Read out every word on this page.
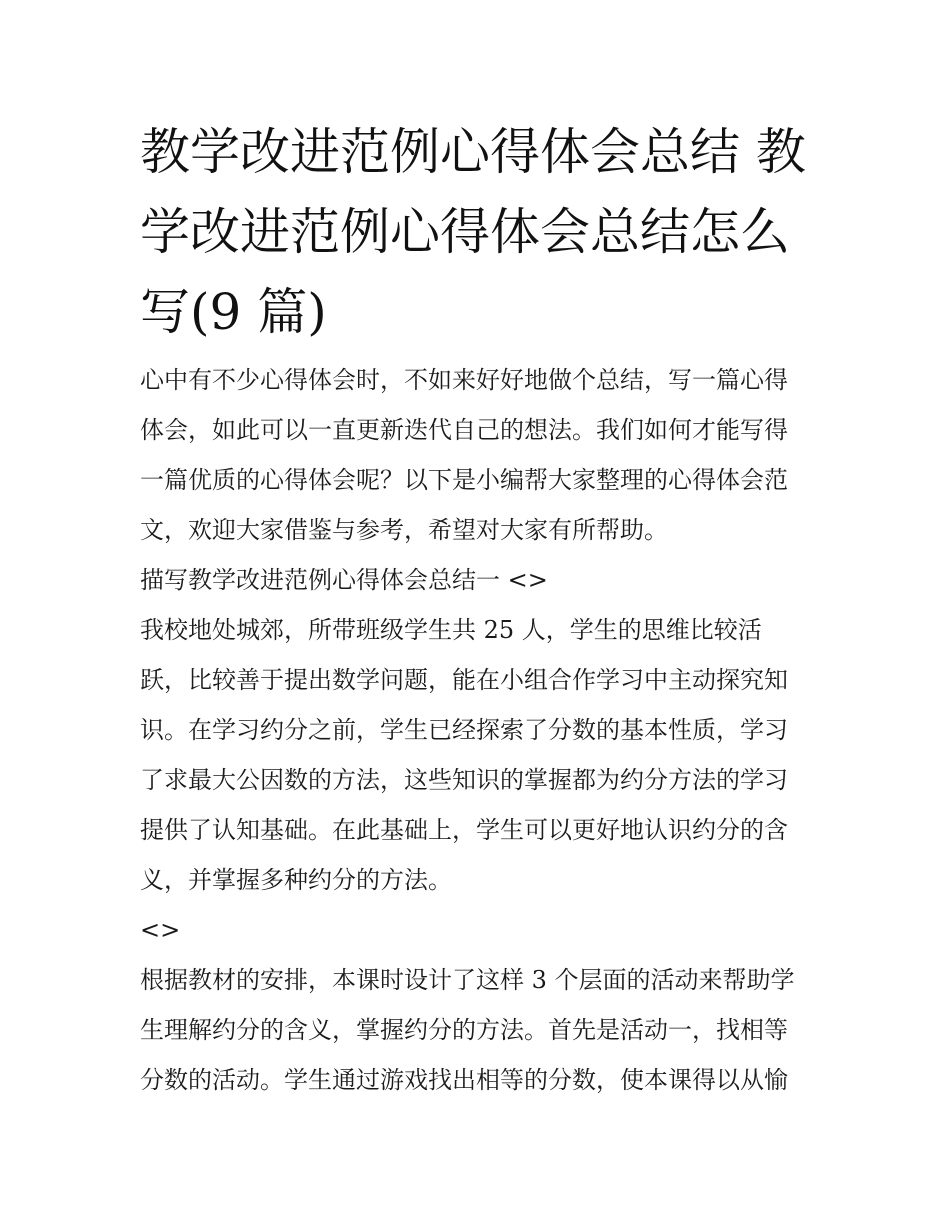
教学改进范例心得体会总结 教
学改进范例心得体会总结怎么
写(9 篇)
心中有不少心得体会时，不如来好好地做个总结，写一篇心得
体会，如此可以一直更新迭代自己的想法。我们如何才能写得
一篇优质的心得体会呢？以下是小编帮大家整理的心得体会范
文，欢迎大家借鉴与参考，希望对大家有所帮助。
描写教学改进范例心得体会总结一 <>
我校地处城郊，所带班级学生共 25 人，学生的思维比较活
跃，比较善于提出数学问题，能在小组合作学习中主动探究知
识。在学习约分之前，学生已经探索了分数的基本性质，学习
了求最大公因数的方法，这些知识的掌握都为约分方法的学习
提供了认知基础。在此基础上，学生可以更好地认识约分的含
义，并掌握多种约分的方法。
<>
根据教材的安排，本课时设计了这样 3 个层面的活动来帮助学
生理解约分的含义，掌握约分的方法。首先是活动一，找相等
分数的活动。学生通过游戏找出相等的分数，使本课得以从愉
